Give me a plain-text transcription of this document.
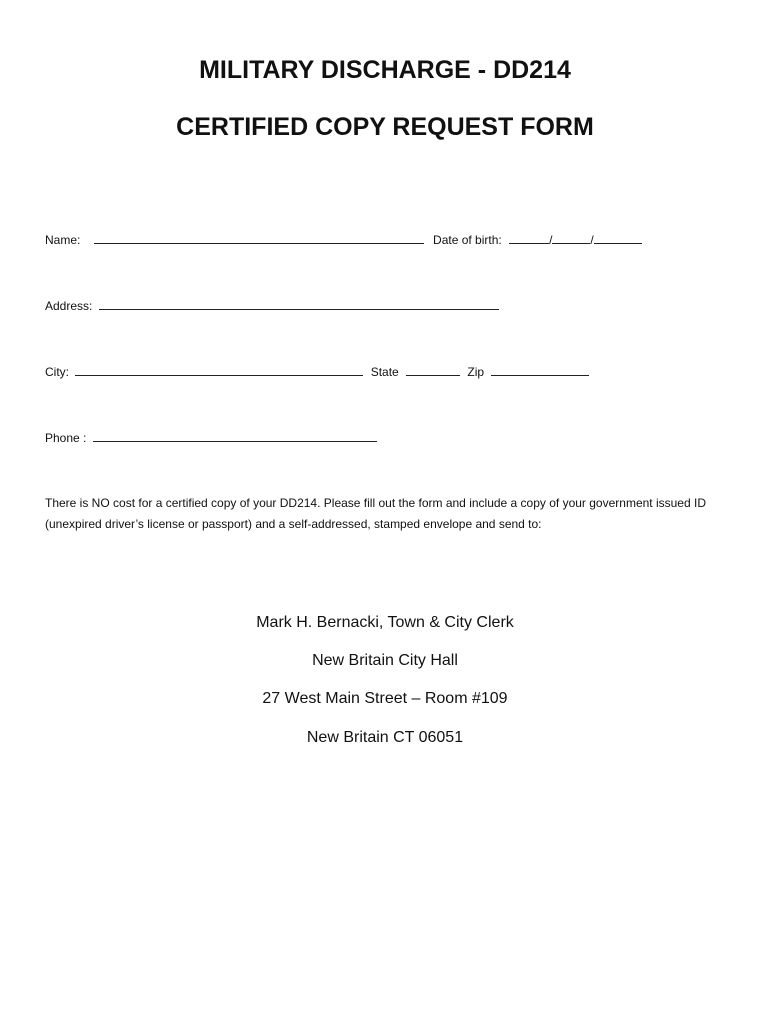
MILITARY DISCHARGE - DD214
CERTIFIED COPY REQUEST FORM
Name:	Date of birth:	/	/
Address:
City:	State	Zip
Phone :
There is NO cost for a certified copy of your DD214. Please fill out the form and include a copy of your government issued ID (unexpired driver’s license or passport) and a self-addressed, stamped envelope and send to:
Mark H. Bernacki, Town & City Clerk
New Britain City Hall
27 West Main Street – Room #109
New Britain CT 06051
